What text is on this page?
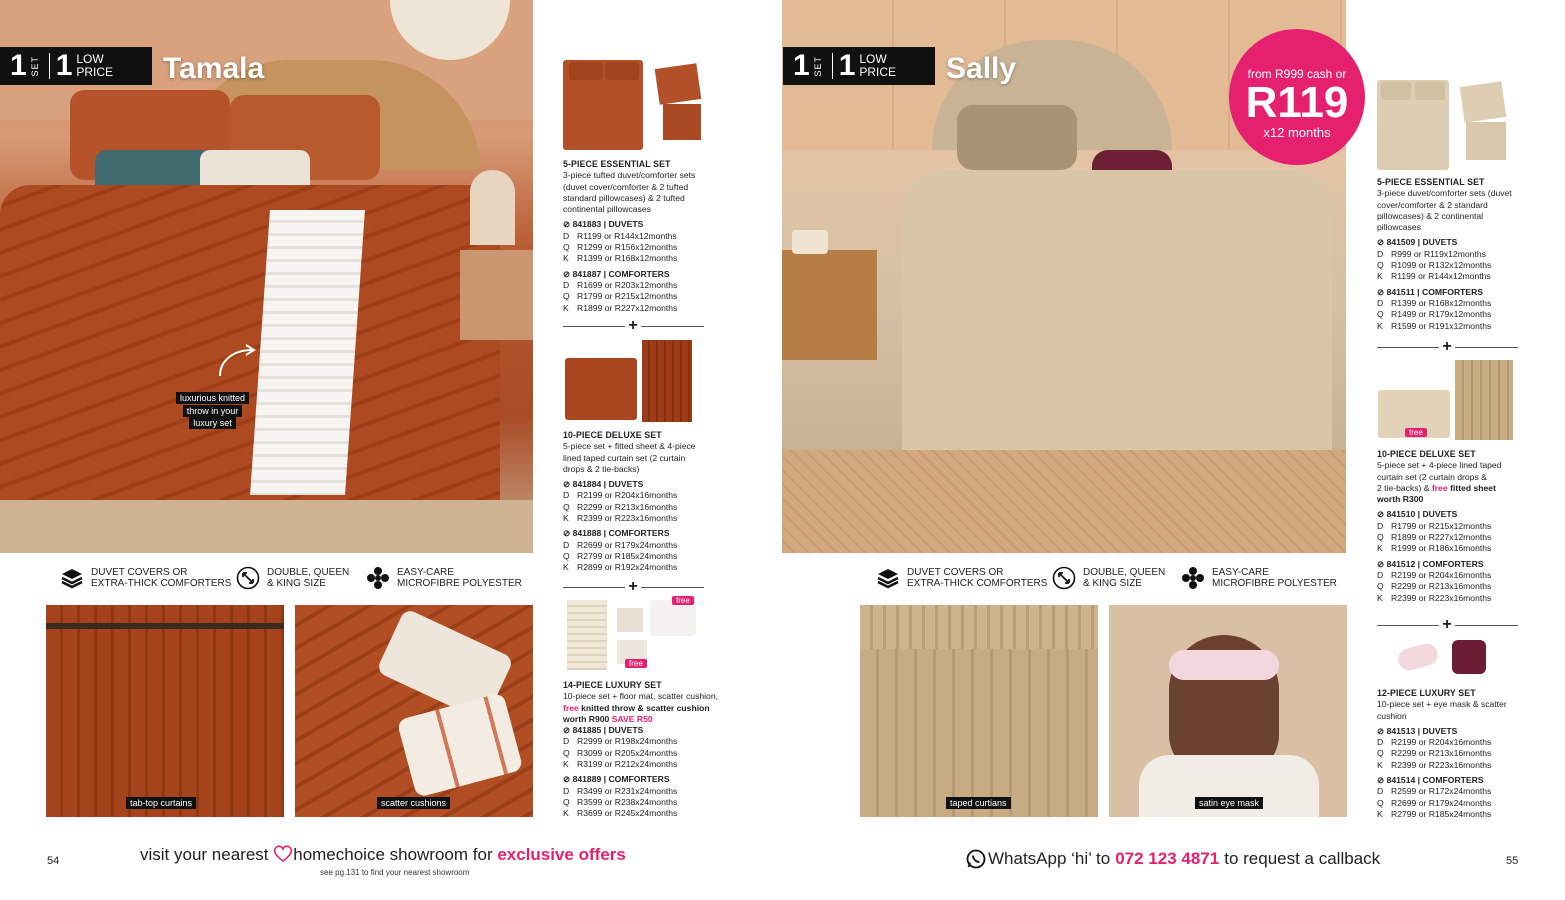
luxurious knitted
throw in your
luxury set
1 SET 1 LOW
PRICE Tamala
DUVET COVERS OR
EXTRA-THICK COMFORTERS
DOUBLE, QUEEN
& KING SIZE
EASY-CARE
MICROFIBRE POLYESTER
tab-top curtains	scatter cushions
5-PIECE ESSENTIAL SET
3-piece tufted duvet/comforter sets
(duvet cover/comforter & 2 tufted
standard pillowcases) & 2 tufted
continental pillowcases
⊘ 841883 | DUVETS
D R1199 or R144x12months
Q R1299 or R156x12months
K R1399 or R168x12months
⊘ 841887 | COMFORTERS
D R1699 or R203x12months
Q R1799 or R215x12months
K R1899 or R227x12months
+
10-PIECE DELUXE SET
5-piece set + fitted sheet & 4-piece
lined taped curtain set (2 curtain
drops & 2 tie-backs)
⊘ 841884 | DUVETS
D R2199 or R204x16months
Q R2299 or R213x16months
K R2399 or R223x16months
⊘ 841888 | COMFORTERS
D R2699 or R179x24months
Q R2799 or R185x24months
K R2899 or R192x24months
+
free
free
14-PIECE LUXURY SET
10-piece set + floor mat, scatter cushion,
free knitted throw & scatter cushion
worth R900 SAVE R50
⊘ 841885 | DUVETS
D R2999 or R198x24months
Q R3099 or R205x24months
K R3199 or R212x24months
⊘ 841889 | COMFORTERS
D R3499 or R231x24months
Q R3599 or R238x24months
K R3699 or R245x24months
1 SET 1 LOW
PRICE Sally	from R999 cash or
R119
x12 months
DUVET COVERS OR
EXTRA-THICK COMFORTERS
DOUBLE, QUEEN
& KING SIZE
EASY-CARE
MICROFIBRE POLYESTER
taped curtians	satin eye mask
5-PIECE ESSENTIAL SET
3-piece duvet/comforter sets (duvet
cover/comforter & 2 standard
pillowcases) & 2 continental
pillowcases
⊘ 841509 | DUVETS
D R999 or R119x12months
Q R1099 or R132x12months
K R1199 or R144x12months
⊘ 841511 | COMFORTERS
D R1399 or R168x12months
Q R1499 or R179x12months
K R1599 or R191x12months
+
free
10-PIECE DELUXE SET
5-piece set + 4-piece lined taped
curtain set (2 curtain drops &
2 tie-backs) & free fitted sheet
worth R300
⊘ 841510 | DUVETS
D R1799 or R215x12months
Q R1899 or R227x12months
K R1999 or R186x16months
⊘ 841512 | COMFORTERS
D R2199 or R204x16months
Q R2299 or R213x16months
K R2399 or R223x16months
+
12-PIECE LUXURY SET
10-piece set + eye mask & scatter
cushion
⊘ 841513 | DUVETS
D R2199 or R204x16months
Q R2299 or R213x16months
K R2399 or R223x16months
⊘ 841514 | COMFORTERS
D R2599 or R172x24months
Q R2699 or R179x24months
K R2799 or R185x24months
54	visit your nearest homechoice showroom for exclusive offers
see pg.131 to find your nearest showroom
WhatsApp ‘hi’ to 072 123 4871 to request a callback	55
